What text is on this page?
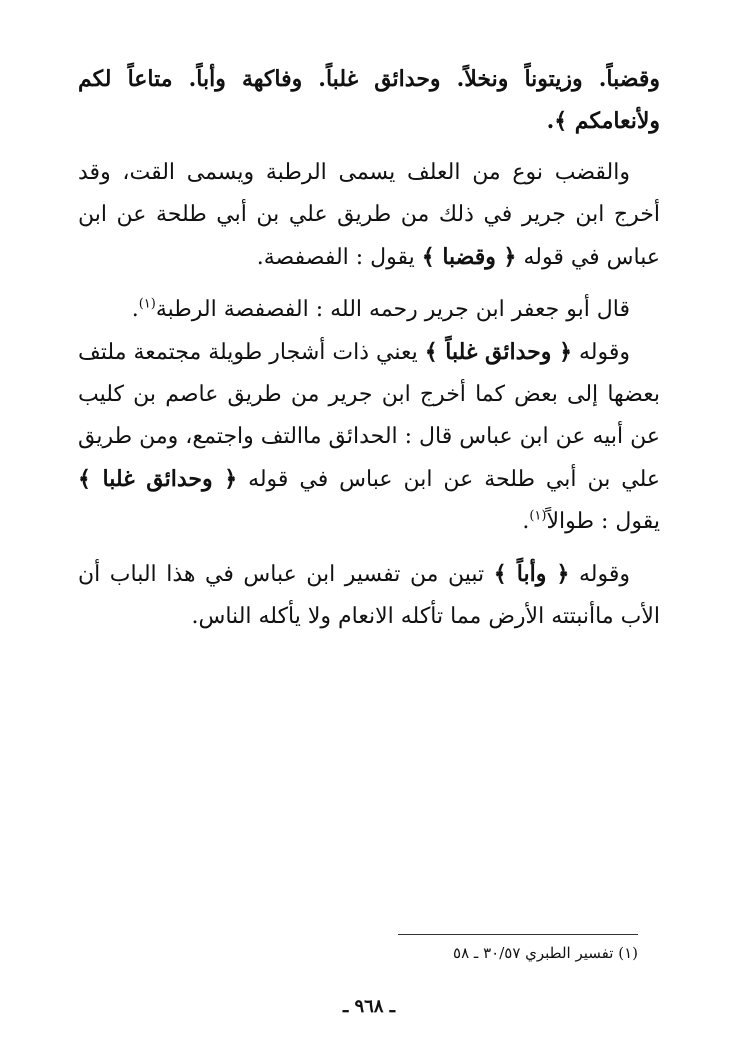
وقضباً. وزيتوناً ونخلاً. وحدائق غلباً. وفاكهة وأباً. متاعاً لكم ولأنعامكم ﴾.

والقضب نوع من العلف يسمى الرطبة ويسمى القت، وقد أخرج ابن جرير في ذلك من طريق علي بن أبي طلحة عن ابن عباس في قوله ﴿ وقضبا ﴾ يقول : الفصفصة.

قال أبو جعفر ابن جرير رحمه الله : الفصفصة الرطبة$^{(١)}$.

وقوله ﴿ وحدائق غلباً ﴾ يعني ذات أشجار طويلة مجتمعة ملتف بعضها إلى بعض كما أخرج ابن جرير من طريق عاصم بن كليب عن أبيه عن ابن عباس قال : الحدائق ماالتف واجتمع، ومن طريق علي بن أبي طلحة عن ابن عباس في قوله ﴿ وحدائق غلبا ﴾ يقول : طوالاً$^{(١)}$.

وقوله ﴿ وأباً ﴾ تبين من تفسير ابن عباس في هذا الباب أن الأب ماأنبتته الأرض مما تأكله الانعام ولا يأكله الناس.

(١) تفسير الطبري ٣٠/٥٧ ـ ٥٨
ـ ٩٦٨ ـ
